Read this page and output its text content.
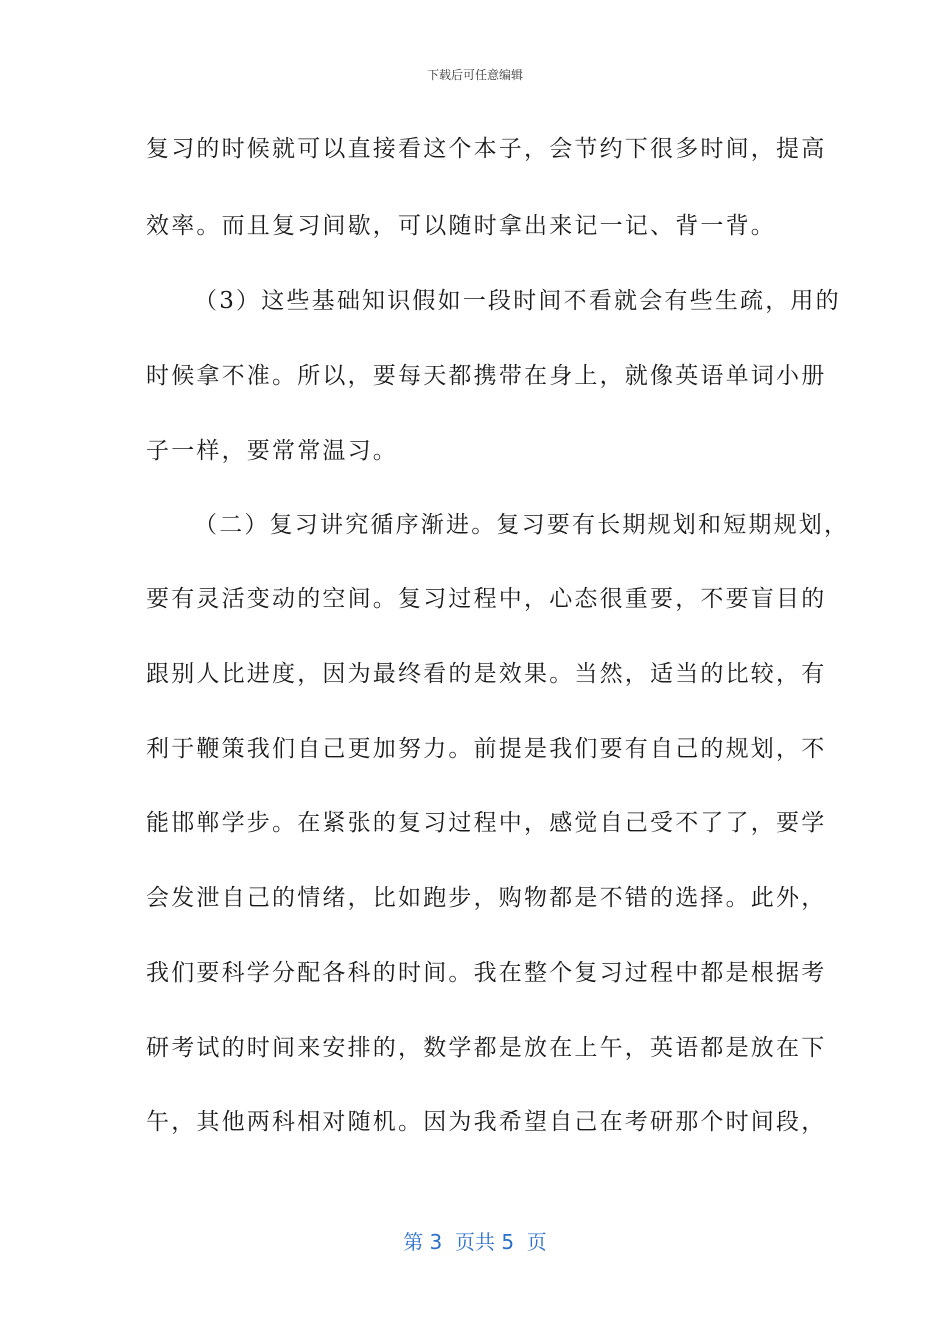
下载后可任意编辑
复习的时候就可以直接看这个本子，会节约下很多时间，提高
效率。而且复习间歇，可以随时拿出来记一记、背一背。
（3）这些基础知识假如一段时间不看就会有些生疏，用的
时候拿不准。所以，要每天都携带在身上，就像英语单词小册
子一样，要常常温习。
（二）复习讲究循序渐进。复习要有长期规划和短期规划，
要有灵活变动的空间。复习过程中，心态很重要，不要盲目的
跟别人比进度，因为最终看的是效果。当然，适当的比较，有
利于鞭策我们自己更加努力。前提是我们要有自己的规划，不
能邯郸学步。在紧张的复习过程中，感觉自己受不了了，要学
会发泄自己的情绪，比如跑步，购物都是不错的选择。此外，
我们要科学分配各科的时间。我在整个复习过程中都是根据考
研考试的时间来安排的，数学都是放在上午，英语都是放在下
午，其他两科相对随机。因为我希望自己在考研那个时间段，
第 3  页共 5  页
